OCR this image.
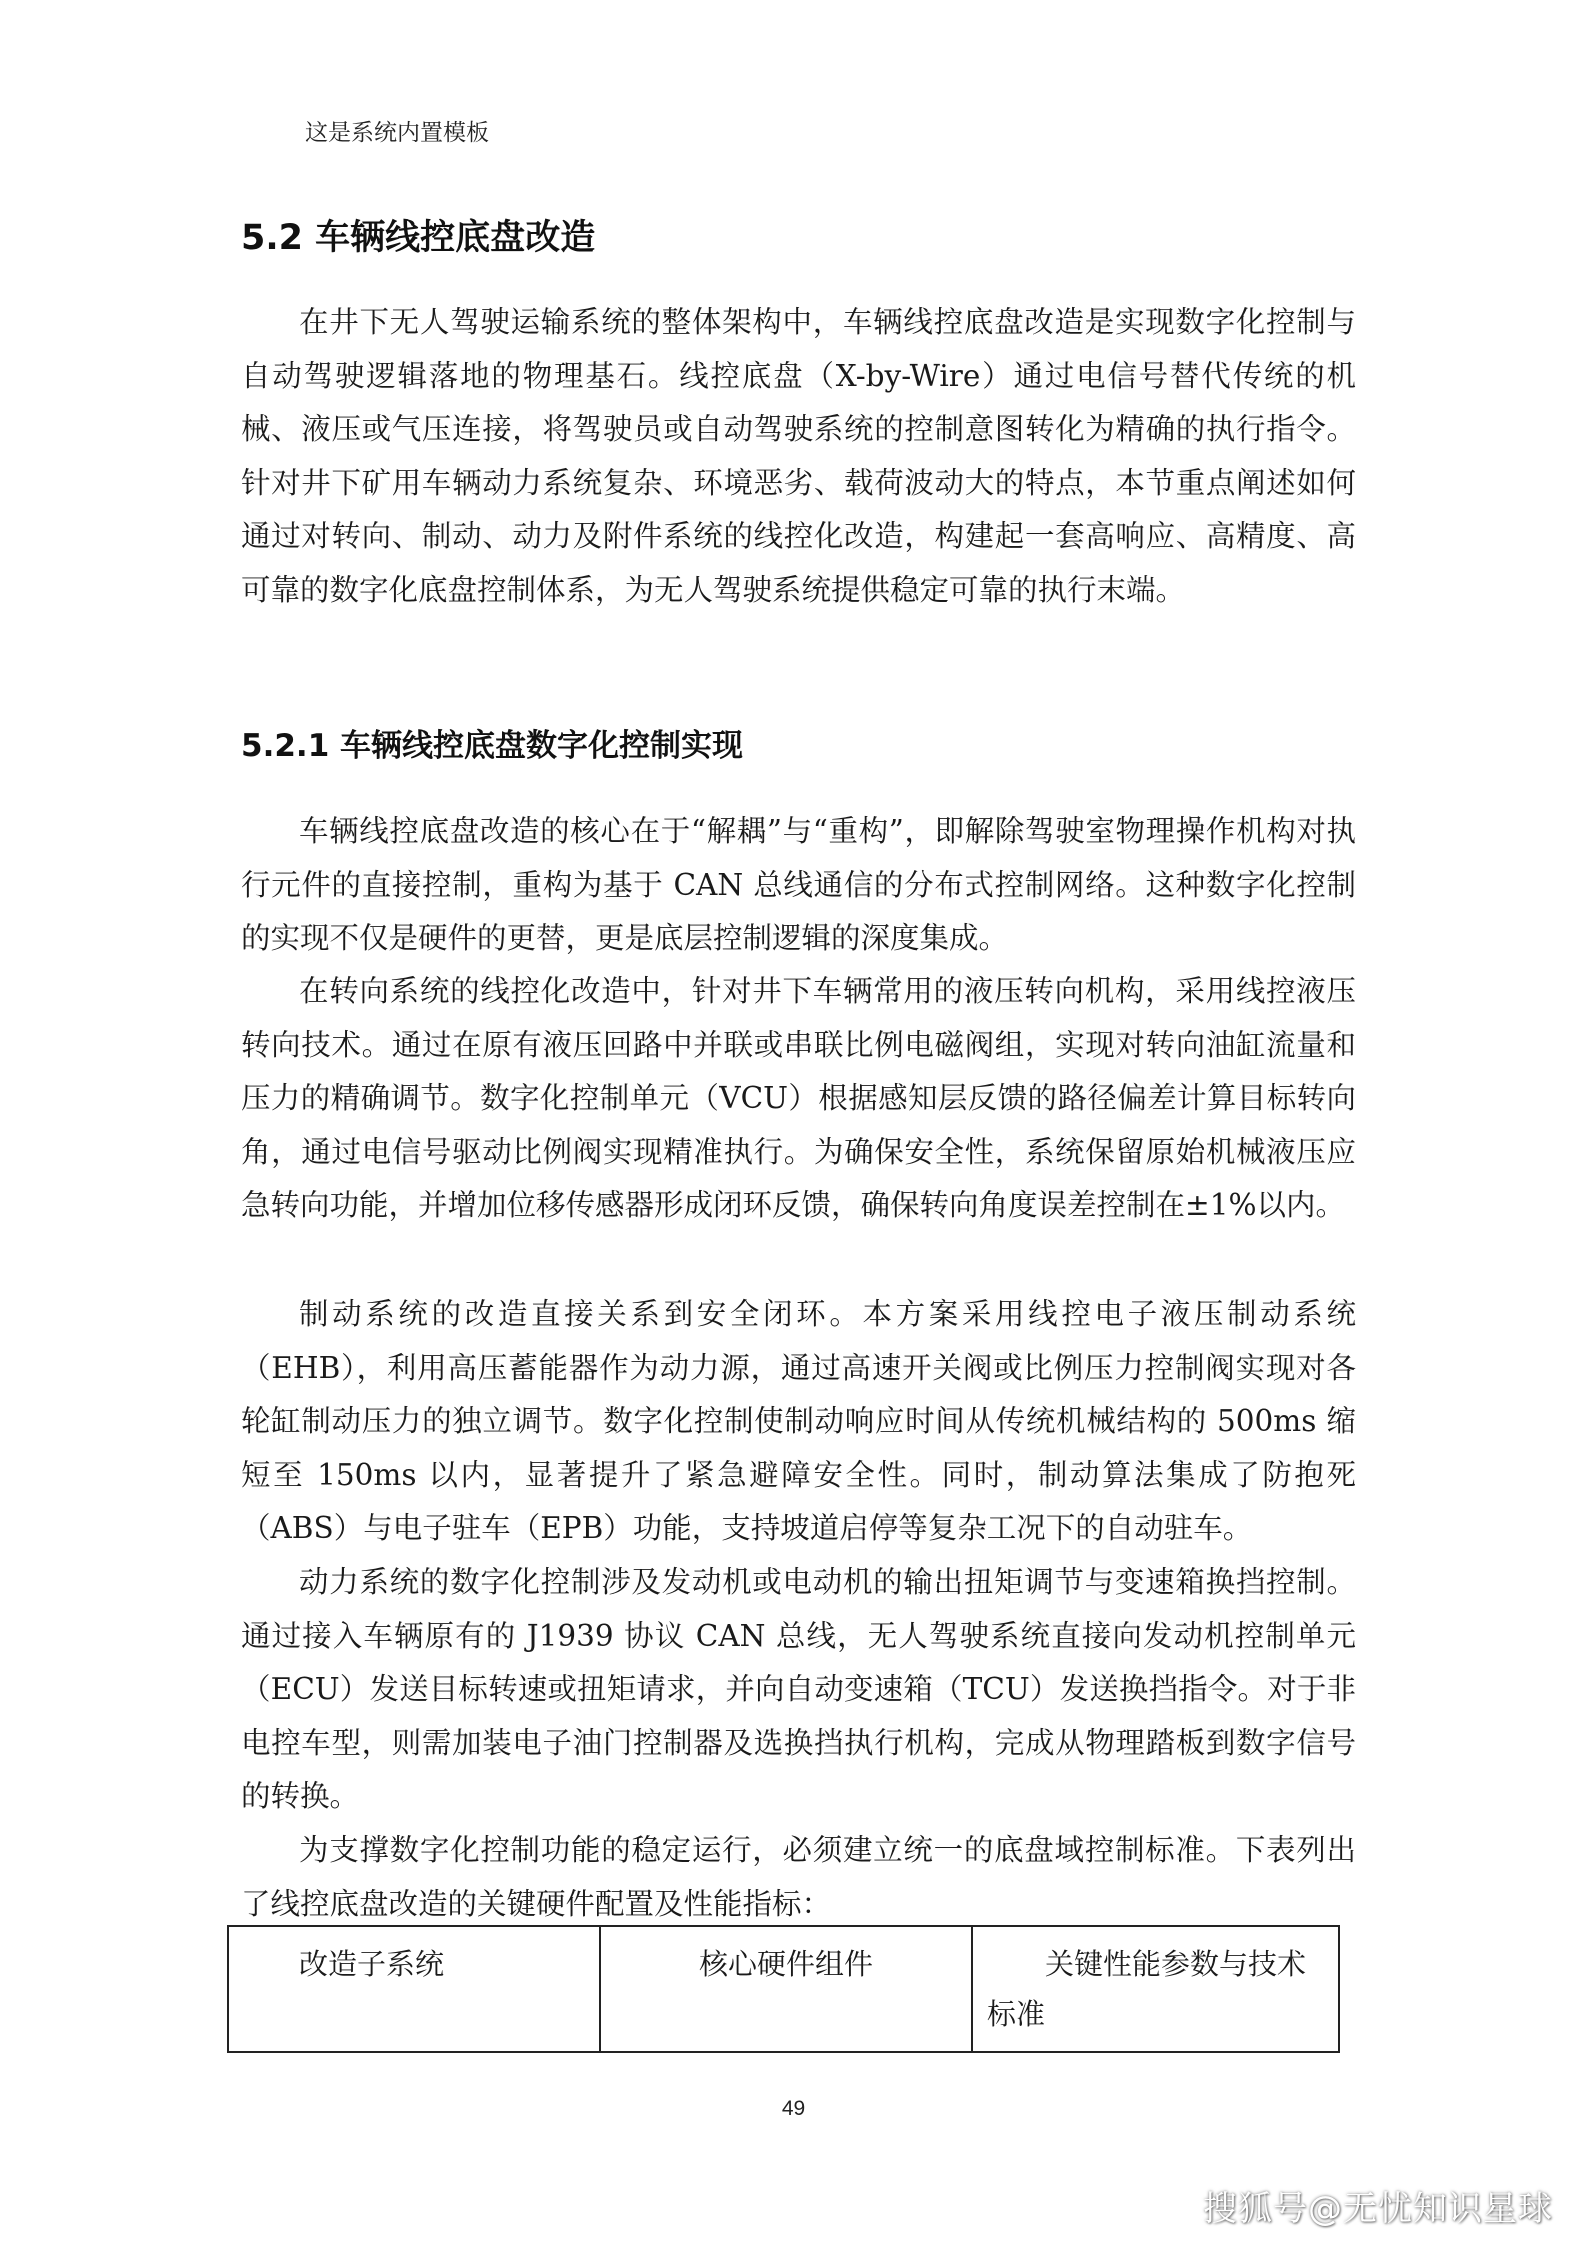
这是系统内置模板
5.2 车辆线控底盘改造

在井下无人驾驶运输系统的整体架构中，车辆线控底盘改造是实现数字化控制与自动驾驶逻辑落地的物理基石。线控底盘（X-by-Wire）通过电信号替代传统的机械、液压或气压连接，将驾驶员或自动驾驶系统的控制意图转化为精确的执行指令。针对井下矿用车辆动力系统复杂、环境恶劣、载荷波动大的特点，本节重点阐述如何通过对转向、制动、动力及附件系统的线控化改造，构建起一套高响应、高精度、高可靠的数字化底盘控制体系，为无人驾驶系统提供稳定可靠的执行末端。

5.2.1 车辆线控底盘数字化控制实现

车辆线控底盘改造的核心在于“解耦”与“重构”，即解除驾驶室物理操作机构对执行元件的直接控制，重构为基于 CAN 总线通信的分布式控制网络。这种数字化控制的实现不仅是硬件的更替，更是底层控制逻辑的深度集成。

在转向系统的线控化改造中，针对井下车辆常用的液压转向机构，采用线控液压转向技术。通过在原有液压回路中并联或串联比例电磁阀组，实现对转向油缸流量和压力的精确调节。数字化控制单元（VCU）根据感知层反馈的路径偏差计算目标转向角，通过电信号驱动比例阀实现精准执行。为确保安全性，系统保留原始机械液压应急转向功能，并增加位移传感器形成闭环反馈，确保转向角度误差控制在±1%以内。

制动系统的改造直接关系到安全闭环。本方案采用线控电子液压制动系统（EHB），利用高压蓄能器作为动力源，通过高速开关阀或比例压力控制阀实现对各轮缸制动压力的独立调节。数字化控制使制动响应时间从传统机械结构的 500ms 缩短至 150ms 以内，显著提升了紧急避障安全性。同时，制动算法集成了防抱死（ABS）与电子驻车（EPB）功能，支持坡道启停等复杂工况下的自动驻车。

动力系统的数字化控制涉及发动机或电动机的输出扭矩调节与变速箱换挡控制。通过接入车辆原有的 J1939 协议 CAN 总线，无人驾驶系统直接向发动机控制单元（ECU）发送目标转速或扭矩请求，并向自动变速箱（TCU）发送换挡指令。对于非电控车型，则需加装电子油门控制器及选换挡执行机构，完成从物理踏板到数字信号的转换。

为支撑数字化控制功能的稳定运行，必须建立统一的底盘域控制标准。下表列出了线控底盘改造的关键硬件配置及性能指标：

改造子系统	核心硬件组件	关键性能参数与技术标准
49
搜狐号@无忧知识星球
